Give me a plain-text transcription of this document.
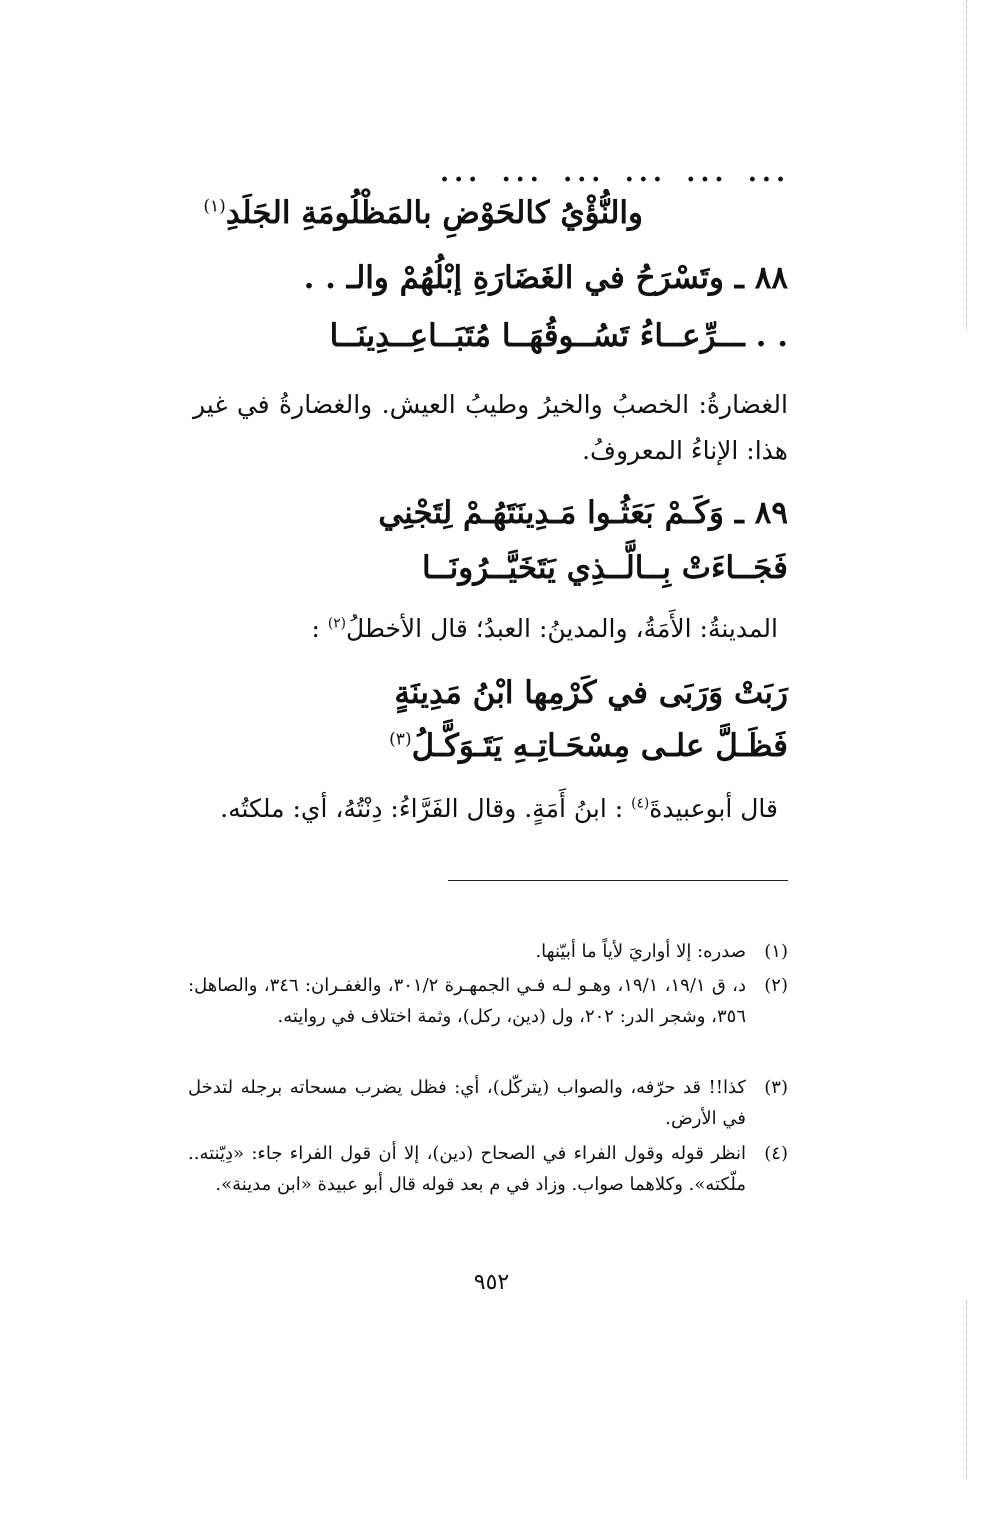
...
...
...
...
...
...
والنُّؤْيُ كالحَوْضِ بالمَظْلُومَةِ الجَلَدِ$^{(١)}$
٨٨ ـ وتَسْرَحُ في الغَضَارَةِ إبْلُهُمْ والـ . .
. . ـــرِّعــاءُ تَسُــوقُهَــا مُتَبَــاعِــدِينَــا
الغضارةُ: الخصبُ والخيرُ وطيبُ العيش. والغضارةُ في غير هذا: الإناءُ المعروفُ.
٨٩ ـ وَكَـمْ بَعَثُـوا مَـدِينَتَهُـمْ لِتَجْنِي
فَجَــاءَتْ بِــالَّــذِي يَتَخَيَّــرُونَــا
المدينةُ: الأَمَةُ، والمدينُ: العبدُ؛ قال الأخطلُ$^{(٢)}$ :
رَبَتْ وَرَبَى في كَرْمِها ابْنُ مَدِينَةٍ
فَظَـلَّ علـى مِسْحَـاتِـهِ يَتَـوَكَّـلُ$^{(٣)}$
قال أبوعبيدةَ$^{(٤)}$ : ابنُ أَمَةٍ. وقال الفَرَّاءُ: دِنْتُهُ، أي: ملكتُه.
(١)
صدره: إلا أواريَ لأياً ما أبيّنها.
(٢)
د، ق ١٩/١، ١٩/١، وهـو لـه فـي الجمهـرة ٣٠١/٢، والغفـران: ٣٤٦، والصاهل: ٣٥٦، وشجر الدر: ٢٠٢، ول (دين، ركل)، وثمة اختلاف في روايته.
(٣)
كذا!! قد حرّفه، والصواب (يتركّل)، أي: فظل يضرب مسحاته برجله لتدخل في الأرض.
(٤)
انظر قوله وقول الفراء في الصحاح (دين)، إلا أن قول الفراء جاء: «دِيّنته.. ملّكته». وكلاهما صواب. وزاد في م بعد قوله قال أبو عبيدة «ابن مدينة».
٩٥٢
